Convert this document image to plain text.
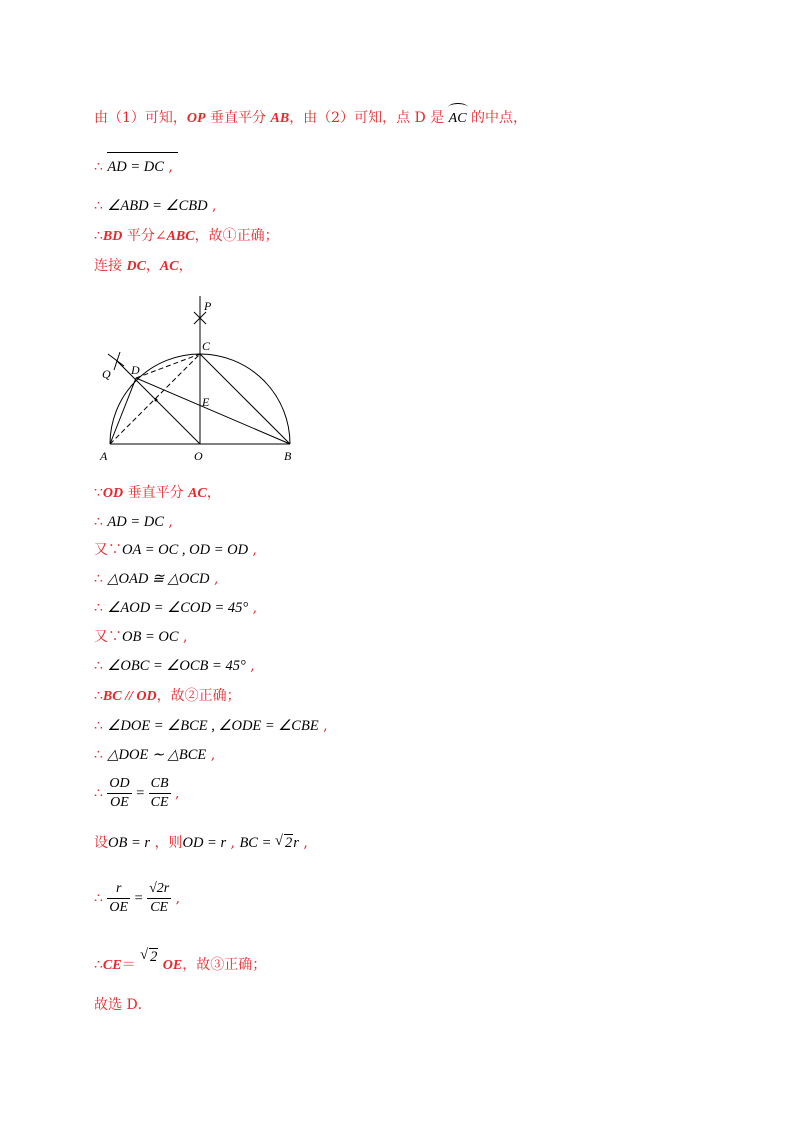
由（1）可知，OP 垂直平分 AB，由（2）可知，点 D 是 AC 的中点，
∴ AD = DC ,
∴ ∠ABD = ∠CBD ,
∴BD 平分∠ABC，故①正确；
连接 DC，AC，
P
C
Q D
E
A	O	B
∵OD 垂直平分 AC，
∴ AD = DC ,
又∵OA = OC , OD = OD ,
∴ △OAD ≅ △OCD ,
∴ ∠AOD = ∠COD = 45° ,
又∵OB = OC ,
∴ ∠OBC = ∠OCB = 45° ,
∴BC // OD，故②正确；
∴ ∠DOE = ∠BCE , ∠ODE = ∠CBE ,
∴ △DOE ∼ △BCE ,
∴ $\frac{OD}{OE} = \frac{CB}{CE}$ ,
设OB = r ，则OD = r , BC = √ 2r ,
∴ $\frac{r}{OE} = \frac{√2r}{CE}$ ,
∴CE＝ √ 2 OE，故③正确；
故选 D．
